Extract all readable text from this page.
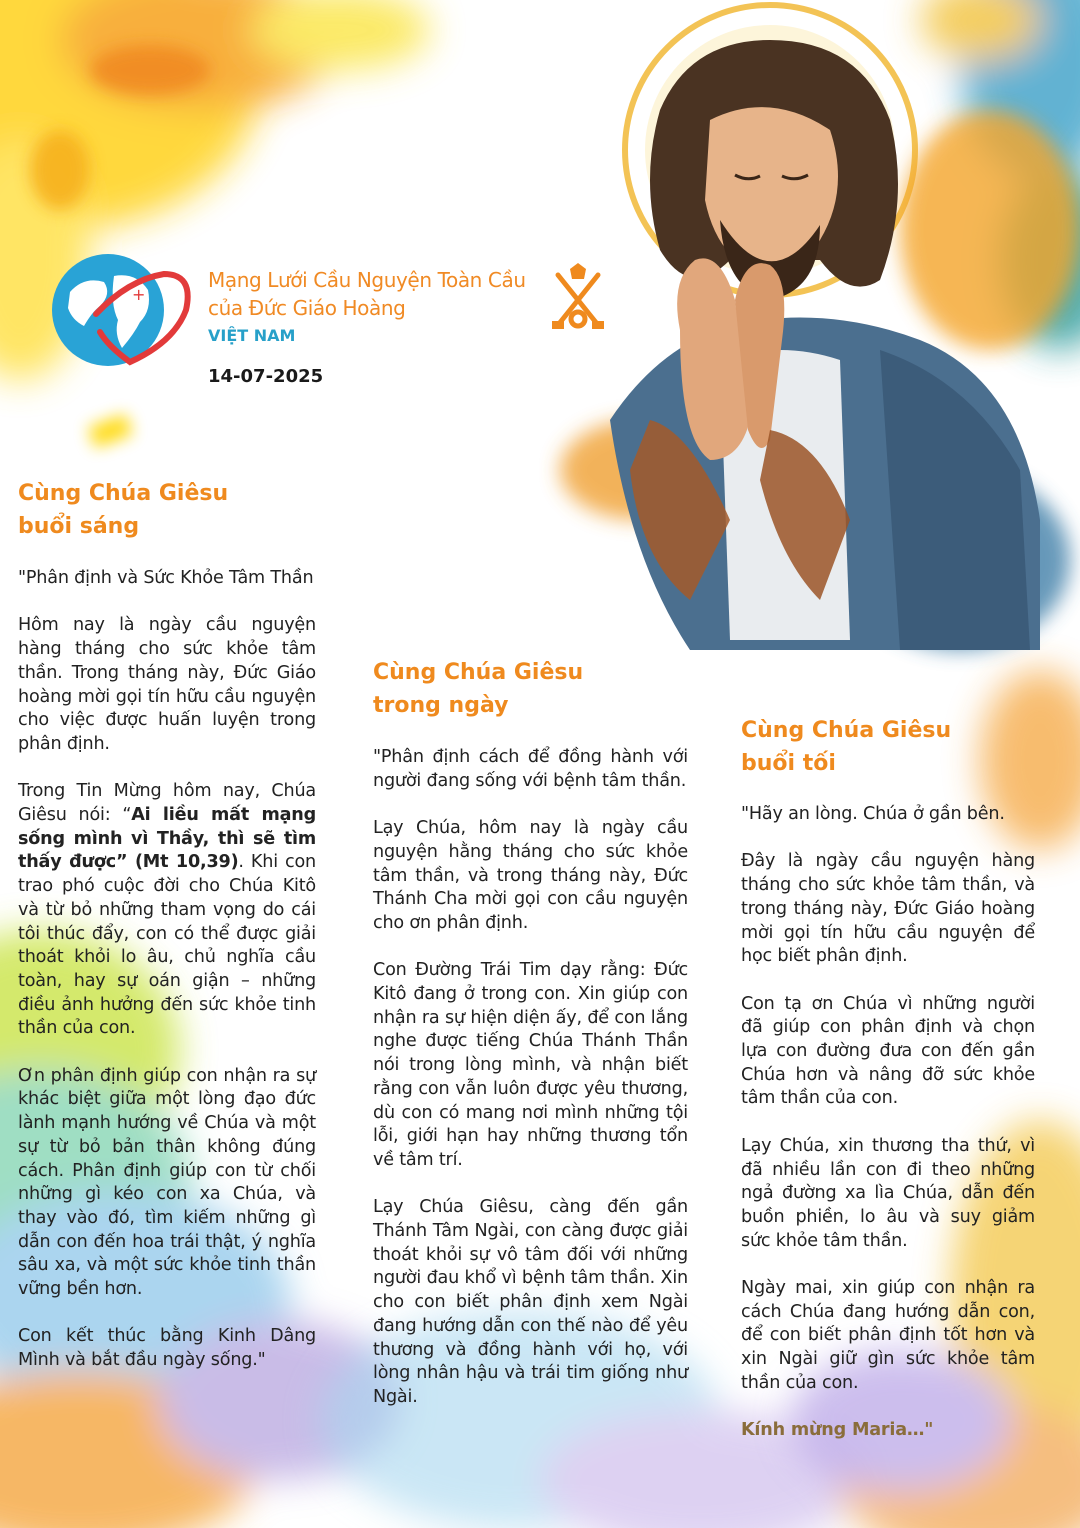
+
Mạng Lưới Cầu Nguyện Toàn Cầu
của Đức Giáo Hoàng
VIỆT NAM
14-07-2025
Cùng Chúa Giêsu
buổi sáng

"Phân định và Sức Khỏe Tâm Thần

Hôm nay là ngày cầu nguyện hàng tháng cho sức khỏe tâm thần. Trong tháng này, Đức Giáo hoàng mời gọi tín hữu cầu nguyện cho việc được huấn luyện trong phân định.

Trong Tin Mừng hôm nay, Chúa Giêsu nói: “Ai liều mất mạng sống mình vì Thầy, thì sẽ tìm thấy được” (Mt 10,39). Khi con trao phó cuộc đời cho Chúa Kitô và từ bỏ những tham vọng do cái tôi thúc đẩy, con có thể được giải thoát khỏi lo âu, chủ nghĩa cầu toàn, hay sự oán giận – những điều ảnh hưởng đến sức khỏe tinh thần của con.

Ơn phân định giúp con nhận ra sự khác biệt giữa một lòng đạo đức lành mạnh hướng về Chúa và một sự từ bỏ bản thân không đúng cách. Phân định giúp con từ chối những gì kéo con xa Chúa, và thay vào đó, tìm kiếm những gì dẫn con đến hoa trái thật, ý nghĩa sâu xa, và một sức khỏe tinh thần vững bền hơn.

Con kết thúc bằng Kinh Dâng Mình và bắt đầu ngày sống."

Cùng Chúa Giêsu
trong ngày

"Phân định cách để đồng hành với người đang sống với bệnh tâm thần.

Lạy Chúa, hôm nay là ngày cầu nguyện hằng tháng cho sức khỏe tâm thần, và trong tháng này, Đức Thánh Cha mời gọi con cầu nguyện cho ơn phân định.

Con Đường Trái Tim dạy rằng: Đức Kitô đang ở trong con. Xin giúp con nhận ra sự hiện diện ấy, để con lắng nghe được tiếng Chúa Thánh Thần nói trong lòng mình, và nhận biết rằng con vẫn luôn được yêu thương, dù con có mang nơi mình những tội lỗi, giới hạn hay những thương tổn về tâm trí.

Lạy Chúa Giêsu, càng đến gần Thánh Tâm Ngài, con càng được giải thoát khỏi sự vô tâm đối với những người đau khổ vì bệnh tâm thần. Xin cho con biết phân định xem Ngài đang hướng dẫn con thế nào để yêu thương và đồng hành với họ, với lòng nhân hậu và trái tim giống như Ngài.

Cùng Chúa Giêsu
buổi tối

"Hãy an lòng. Chúa ở gần bên.

Đây là ngày cầu nguyện hàng tháng cho sức khỏe tâm thần, và trong tháng này, Đức Giáo hoàng mời gọi tín hữu cầu nguyện để học biết phân định.

Con tạ ơn Chúa vì những người đã giúp con phân định và chọn lựa con đường đưa con đến gần Chúa hơn và nâng đỡ sức khỏe tâm thần của con.

Lạy Chúa, xin thương tha thứ, vì đã nhiều lần con đi theo những ngả đường xa lìa Chúa, dẫn đến buồn phiền, lo âu và suy giảm sức khỏe tâm thần.

Ngày mai, xin giúp con nhận ra cách Chúa đang hướng dẫn con, để con biết phân định tốt hơn và xin Ngài giữ gìn sức khỏe tâm thần của con.

Kính mừng Maria…"
